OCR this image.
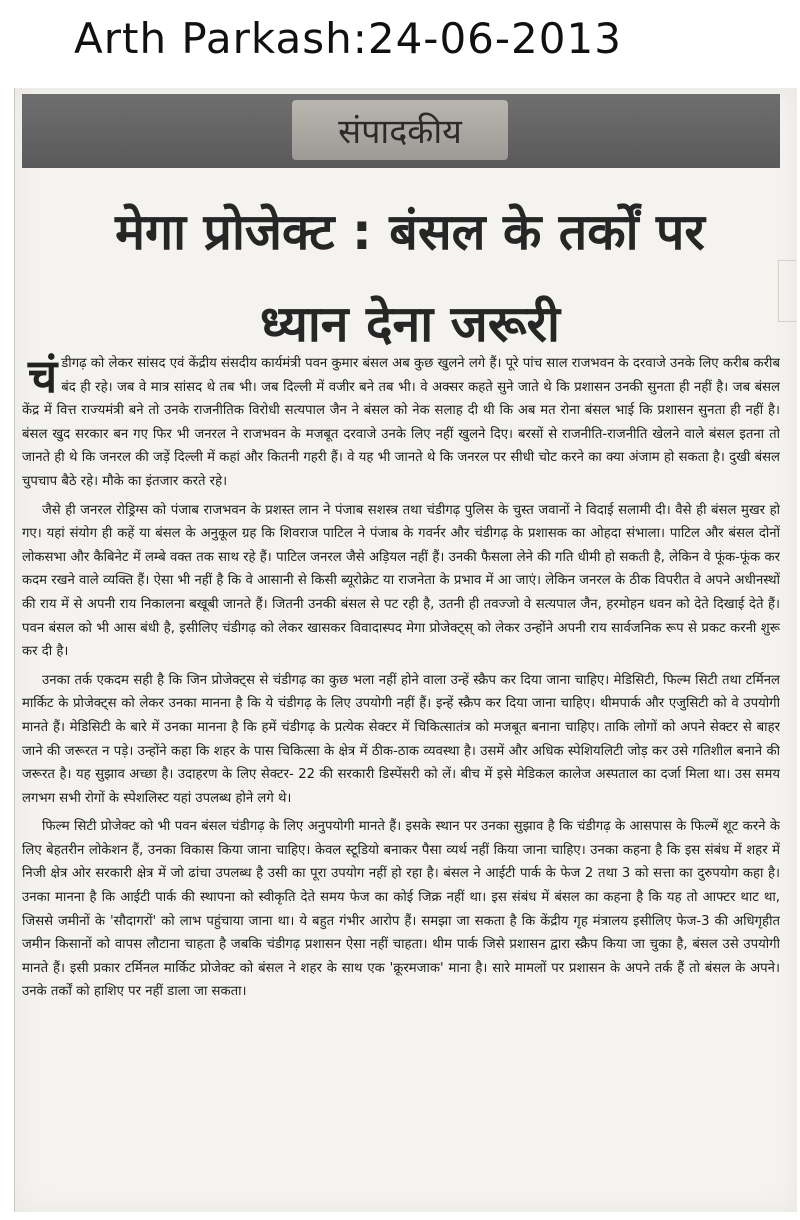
Arth Parkash:24-06-2013
संपादकीय
मेगा प्रोजेक्ट : बंसल के तर्कों पर
ध्यान देना जरूरी

चंडीगढ़ को लेकर सांसद एवं केंद्रीय संसदीय कार्यमंत्री पवन कुमार बंसल अब कुछ खुलने लगे हैं। पूरे पांच साल राजभवन के दरवाजे उनके लिए करीब करीब बंद ही रहे। जब वे मात्र सांसद थे तब भी। जब दिल्ली में वजीर बने तब भी। वे अक्सर कहते सुने जाते थे कि प्रशासन उनकी सुनता ही नहीं है। जब बंसल केंद्र में वित्त राज्यमंत्री बने तो उनके राजनीतिक विरोधी सत्यपाल जैन ने बंसल को नेक सलाह दी थी कि अब मत रोना बंसल भाई कि प्रशासन सुनता ही नहीं है। बंसल खुद सरकार बन गए फिर भी जनरल ने राजभवन के मजबूत दरवाजे उनके लिए नहीं खुलने दिए। बरसों से राजनीति-राजनीति खेलने वाले बंसल इतना तो जानते ही थे कि जनरल की जड़ें दिल्ली में कहां और कितनी गहरी हैं। वे यह भी जानते थे कि जनरल पर सीधी चोट करने का क्या अंजाम हो सकता है। दुखी बंसल चुपचाप बैठे रहे। मौके का इंतजार करते रहे।

जैसे ही जनरल रोड्रिग्स को पंजाब राजभवन के प्रशस्त लान ने पंजाब सशस्त्र तथा चंडीगढ़ पुलिस के चुस्त जवानों ने विदाई सलामी दी। वैसे ही बंसल मुखर हो गए। यहां संयोग ही कहें या बंसल के अनुकूल ग्रह कि शिवराज पाटिल ने पंजाब के गवर्नर और चंडीगढ़ के प्रशासक का ओहदा संभाला। पाटिल और बंसल दोनों लोकसभा और कैबिनेट में लम्बे वक्त तक साथ रहे हैं। पाटिल जनरल जैसे अड़ियल नहीं हैं। उनकी फैसला लेने की गति धीमी हो सकती है, लेकिन वे फूंक-फूंक कर कदम रखने वाले व्यक्ति हैं। ऐसा भी नहीं है कि वे आसानी से किसी ब्यूरोक्रेट या राजनेता के प्रभाव में आ जाएं। लेकिन जनरल के ठीक विपरीत वे अपने अधीनस्थों की राय में से अपनी राय निकालना बखूबी जानते हैं। जितनी उनकी बंसल से पट रही है, उतनी ही तवज्जो वे सत्यपाल जैन, हरमोहन धवन को देते दिखाई देते हैं। पवन बंसल को भी आस बंधी है, इसीलिए चंडीगढ़ को लेकर खासकर विवादास्पद मेगा प्रोजेक्ट्स् को लेकर उन्होंने अपनी राय सार्वजनिक रूप से प्रकट करनी शुरू कर दी है।

उनका तर्क एकदम सही है कि जिन प्रोजेक्ट्स से चंडीगढ़ का कुछ भला नहीं होने वाला उन्हें स्क्रैप कर दिया जाना चाहिए। मेडिसिटी, फिल्म सिटी तथा टर्मिनल मार्किट के प्रोजेक्ट्स को लेकर उनका मानना है कि ये चंडीगढ़ के लिए उपयोगी नहीं हैं। इन्हें स्क्रैप कर दिया जाना चाहिए। थीमपार्क और एजुसिटी को वे उपयोगी मानते हैं। मेडिसिटी के बारे में उनका मानना है कि हमें चंडीगढ़ के प्रत्येक सेक्टर में चिकित्सातंत्र को मजबूत बनाना चाहिए। ताकि लोगों को अपने सेक्टर से बाहर जाने की जरूरत न पड़े। उन्होंने कहा कि शहर के पास चिकित्सा के क्षेत्र में ठीक-ठाक व्यवस्था है। उसमें और अधिक स्पेशियलिटी जोड़ कर उसे गतिशील बनाने की जरूरत है। यह सुझाव अच्छा है। उदाहरण के लिए सेक्टर- 22 की सरकारी डिस्पेंसरी को लें। बीच में इसे मेडिकल कालेज अस्पताल का दर्जा मिला था। उस समय लगभग सभी रोगों के स्पेशलिस्ट यहां उपलब्ध होने लगे थे।

फिल्म सिटी प्रोजेक्ट को भी पवन बंसल चंडीगढ़ के लिए अनुपयोगी मानते हैं। इसके स्थान पर उनका सुझाव है कि चंडीगढ़ के आसपास के फिल्में शूट करने के लिए बेहतरीन लोकेशन हैं, उनका विकास किया जाना चाहिए। केवल स्टूडियो बनाकर पैसा व्यर्थ नहीं किया जाना चाहिए। उनका कहना है कि इस संबंध में शहर में निजी क्षेत्र ओर सरकारी क्षेत्र में जो ढांचा उपलब्ध है उसी का पूरा उपयोग नहीं हो रहा है। बंसल ने आईटी पार्क के फेज 2 तथा 3 को सत्ता का दुरुपयोग कहा है। उनका मानना है कि आईटी पार्क की स्थापना को स्वीकृति देते समय फेज का कोई जिक्र नहीं था। इस संबंध में बंसल का कहना है कि यह तो आफ्टर थाट था, जिससे जमीनों के 'सौदागरों' को लाभ पहुंचाया जाना था। ये बहुत गंभीर आरोप हैं। समझा जा सकता है कि केंद्रीय गृह मंत्रालय इसीलिए फेज-3 की अधिगृहीत जमीन किसानों को वापस लौटाना चाहता है जबकि चंडीगढ़ प्रशासन ऐसा नहीं चाहता। थीम पार्क जिसे प्रशासन द्वारा स्क्रैप किया जा चुका है, बंसल उसे उपयोगी मानते हैं। इसी प्रकार टर्मिनल मार्किट प्रोजेक्ट को बंसल ने शहर के साथ एक 'क्रूरमजाक' माना है। सारे मामलों पर प्रशासन के अपने तर्क हैं तो बंसल के अपने। उनके तर्कों को हाशिए पर नहीं डाला जा सकता।
